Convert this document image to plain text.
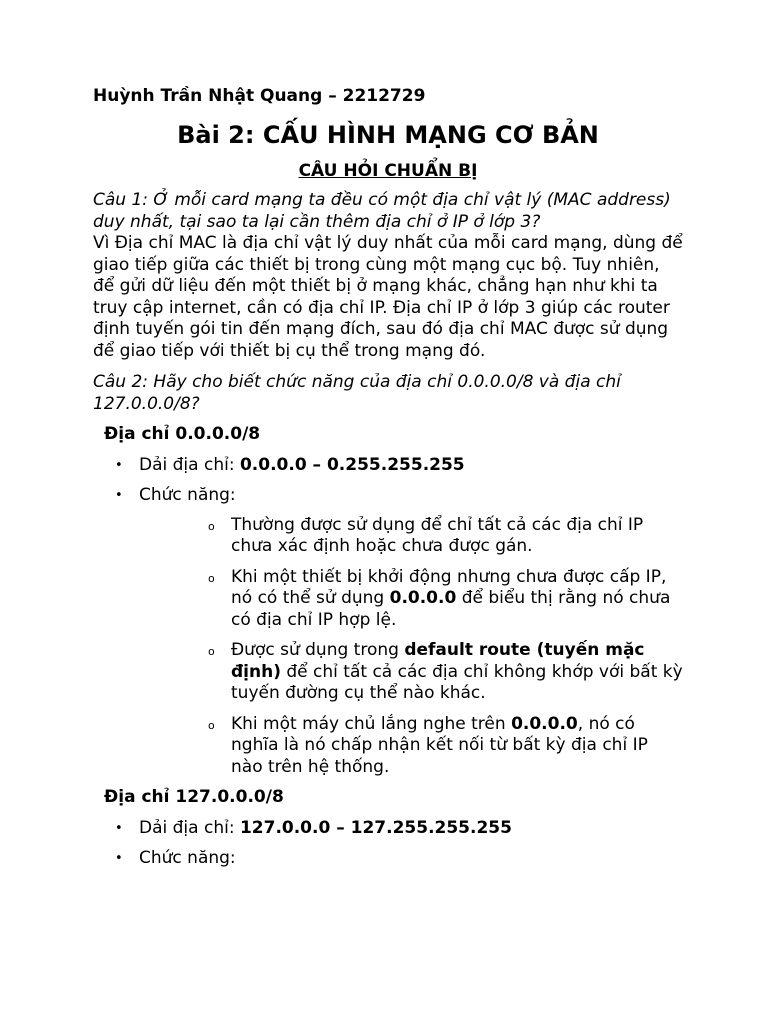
Huỳnh Trần Nhật Quang – 2212729

Bài 2: CẤU HÌNH MẠNG CƠ BẢN

CÂU HỎI CHUẨN BỊ

Câu 1: Ở mỗi card mạng ta đều có một địa chỉ vật lý (MAC address) duy nhất, tại sao ta lại cần thêm địa chỉ ở IP ở lớp 3?

Vì Địa chỉ MAC là địa chỉ vật lý duy nhất của mỗi card mạng, dùng để giao tiếp giữa các thiết bị trong cùng một mạng cục bộ. Tuy nhiên, để gửi dữ liệu đến một thiết bị ở mạng khác, chẳng hạn như khi ta truy cập internet, cần có địa chỉ IP. Địa chỉ IP ở lớp 3 giúp các router định tuyến gói tin đến mạng đích, sau đó địa chỉ MAC được sử dụng để giao tiếp với thiết bị cụ thể trong mạng đó.

Câu 2: Hãy cho biết chức năng của địa chỉ 0.0.0.0/8 và địa chỉ 127.0.0.0/8?

Địa chỉ 0.0.0.0/8

• Dải địa chỉ: 0.0.0.0 – 0.255.255.255
• Chức năng:
o Thường được sử dụng để chỉ tất cả các địa chỉ IP chưa xác định hoặc chưa được gán.
o Khi một thiết bị khởi động nhưng chưa được cấp IP, nó có thể sử dụng 0.0.0.0 để biểu thị rằng nó chưa có địa chỉ IP hợp lệ.
o Được sử dụng trong default route (tuyến mặc định) để chỉ tất cả các địa chỉ không khớp với bất kỳ tuyến đường cụ thể nào khác.
o Khi một máy chủ lắng nghe trên 0.0.0.0, nó có nghĩa là nó chấp nhận kết nối từ bất kỳ địa chỉ IP nào trên hệ thống.

Địa chỉ 127.0.0.0/8

• Dải địa chỉ: 127.0.0.0 – 127.255.255.255
• Chức năng:
